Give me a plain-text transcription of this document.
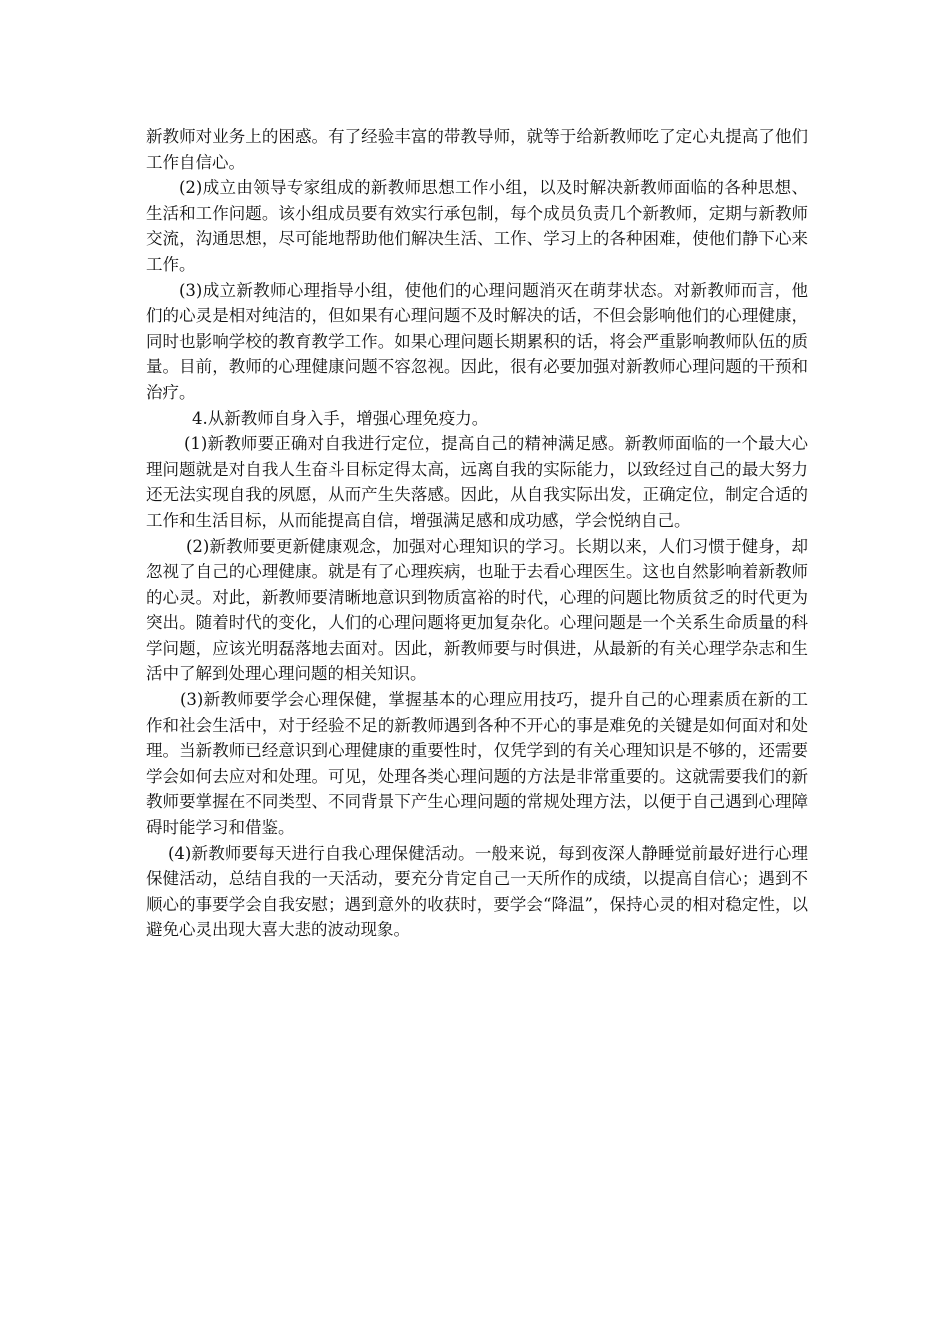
新教师对业务上的困惑。有了经验丰富的带教导师，就等于给新教师吃了定心丸提高了他们工作自信心。

(2)成立由领导专家组成的新教师思想工作小组，以及时解决新教师面临的各种思想、生活和工作问题。该小组成员要有效实行承包制，每个成员负责几个新教师，定期与新教师交流，沟通思想，尽可能地帮助他们解决生活、工作、学习上的各种困难，使他们静下心来工作。

(3)成立新教师心理指导小组，使他们的心理问题消灭在萌芽状态。对新教师而言，他们的心灵是相对纯洁的，但如果有心理问题不及时解决的话，不但会影响他们的心理健康，同时也影响学校的教育教学工作。如果心理问题长期累积的话，将会严重影响教师队伍的质量。目前，教师的心理健康问题不容忽视。因此，很有必要加强对新教师心理问题的干预和治疗。

4.从新教师自身入手，增强心理免疫力。

(1)新教师要正确对自我进行定位，提高自己的精神满足感。新教师面临的一个最大心理问题就是对自我人生奋斗目标定得太高，远离自我的实际能力，以致经过自己的最大努力还无法实现自我的夙愿，从而产生失落感。因此，从自我实际出发，正确定位，制定合适的工作和生活目标，从而能提高自信，增强满足感和成功感，学会悦纳自己。

(2)新教师要更新健康观念，加强对心理知识的学习。长期以来，人们习惯于健身，却忽视了自己的心理健康。就是有了心理疾病，也耻于去看心理医生。这也自然影响着新教师的心灵。对此，新教师要清晰地意识到物质富裕的时代，心理的问题比物质贫乏的时代更为突出。随着时代的变化，人们的心理问题将更加复杂化。心理问题是一个关系生命质量的科学问题，应该光明磊落地去面对。因此，新教师要与时俱进，从最新的有关心理学杂志和生活中了解到处理心理问题的相关知识。

(3)新教师要学会心理保健，掌握基本的心理应用技巧，提升自己的心理素质在新的工作和社会生活中，对于经验不足的新教师遇到各种不开心的事是难免的关键是如何面对和处理。当新教师已经意识到心理健康的重要性时，仅凭学到的有关心理知识是不够的，还需要学会如何去应对和处理。可见，处理各类心理问题的方法是非常重要的。这就需要我们的新教师要掌握在不同类型、不同背景下产生心理问题的常规处理方法，以便于自己遇到心理障碍时能学习和借鉴。

(4)新教师要每天进行自我心理保健活动。一般来说，每到夜深人静睡觉前最好进行心理保健活动，总结自我的一天活动，要充分肯定自己一天所作的成绩，以提高自信心；遇到不顺心的事要学会自我安慰；遇到意外的收获时，要学会“降温”，保持心灵的相对稳定性，以避免心灵出现大喜大悲的波动现象。
